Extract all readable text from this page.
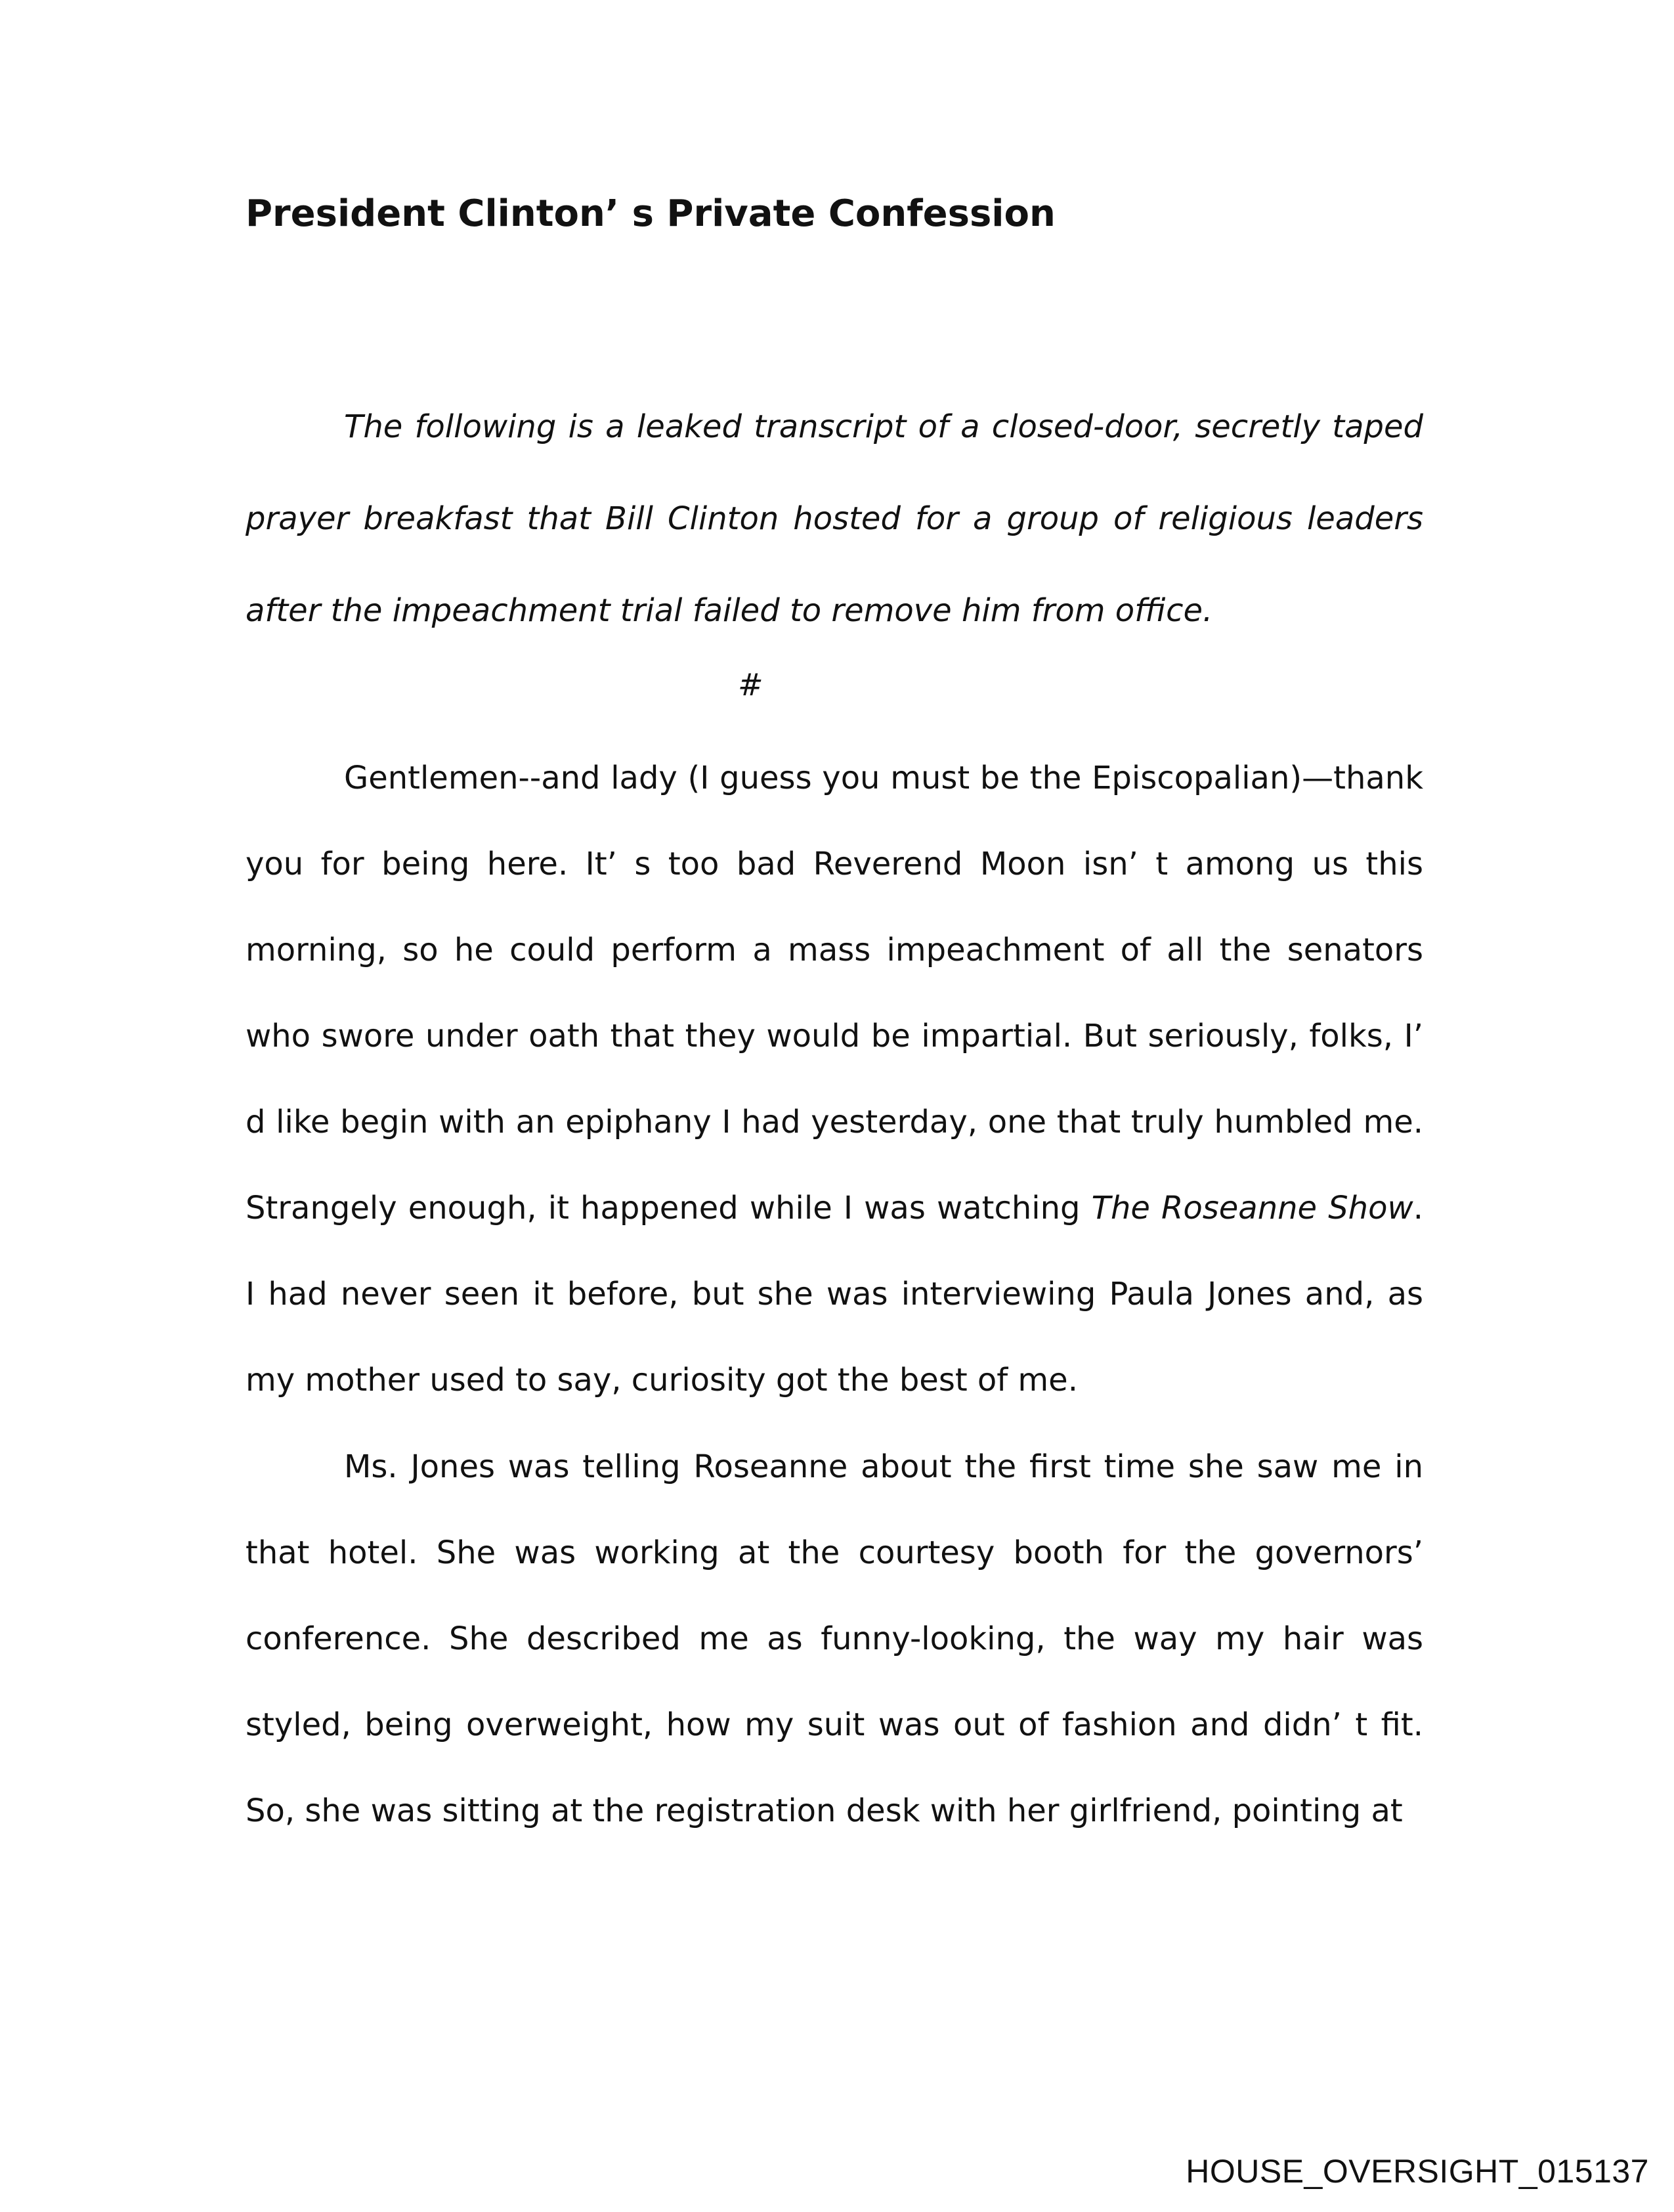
President Clinton’ s Private Confession

The following is a leaked transcript of a closed-door, secretly taped prayer breakfast that Bill Clinton hosted for a group of religious leaders after the impeachment trial failed to remove him from office.

#

Gentlemen--and lady (I guess you must be the Episcopalian)—thank you for being here. It’ s too bad Reverend Moon isn’ t among us this morning, so he could perform a mass impeachment of all the senators who swore under oath that they would be impartial. But seriously, folks, I’ d like begin with an epiphany I had yesterday, one that truly humbled me. Strangely enough, it happened while I was watching The Roseanne Show. I had never seen it before, but she was interviewing Paula Jones and, as my mother used to say, curiosity got the best of me.

Ms. Jones was telling Roseanne about the first time she saw me in that hotel. She was working at the courtesy booth for the governors’ conference. She described me as funny-looking, the way my hair was styled, being overweight, how my suit was out of fashion and didn’ t fit. So, she was sitting at the registration desk with her girlfriend, pointing at

HOUSE_OVERSIGHT_015137
